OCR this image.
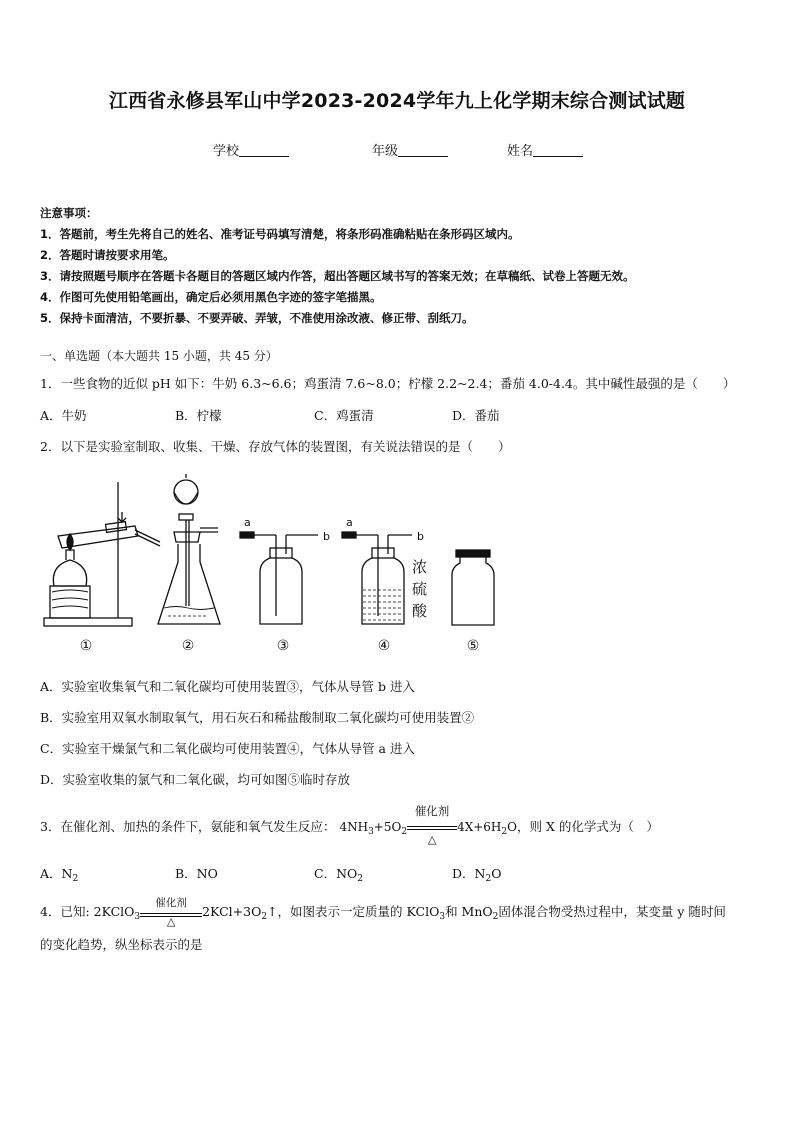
江西省永修县军山中学2023-2024学年九上化学期末综合测试试题
学校	年级	姓名
注意事项：
1．答题前，考生先将自己的姓名、准考证号码填写清楚，将条形码准确粘贴在条形码区域内。
2．答题时请按要求用笔。
3．请按照题号顺序在答题卡各题目的答题区域内作答，超出答题区域书写的答案无效；在草稿纸、试卷上答题无效。
4．作图可先使用铅笔画出，确定后必须用黑色字迹的签字笔描黑。
5．保持卡面清洁，不要折暴、不要弄破、弄皱，不准使用涂改液、修正带、刮纸刀。
一、单选题（本大题共 15 小题，共 45 分）
1．一些食物的近似 pH 如下：牛奶 6.3~6.6；鸡蛋清 7.6~8.0；柠檬 2.2~2.4；番茄 4.0-4.4。其中碱性最强的是（　　）
A．牛奶	B．柠檬	C．鸡蛋清	D．番茄
2．以下是实验室制取、收集、干燥、存放气体的装置图，有关说法错误的是（　　）
①	②
a
b
③
a
b
浓
硫
酸
④	⑤
A．实验室收集氧气和二氧化碳均可使用装置③，气体从导管 b 进入
B．实验室用双氧水制取氧气，用石灰石和稀盐酸制取二氧化碳均可使用装置②
C．实验室干燥氯气和二氧化碳均可使用装置④，气体从导管 a 进入
D．实验室收集的氯气和二氧化碳，均可如图⑤临时存放
3．在催化剂、加热的条件下，氨能和氧气发生反应： $4NH_3+5O_2$
催化剂
△
$4X+6H_2O$，则 X 的化学式为（　）
A．$N_2$	B．NO	C．$NO_2$	D．$N_2O$
4．已知: 2KClO$_3$
催化剂
△
$2KCl+3O_2↑$，如图表示一定质量的 KClO$_3$和 MnO$_2$固体混合物受热过程中，某变量 y 随时间
的变化趋势，纵坐标表示的是
